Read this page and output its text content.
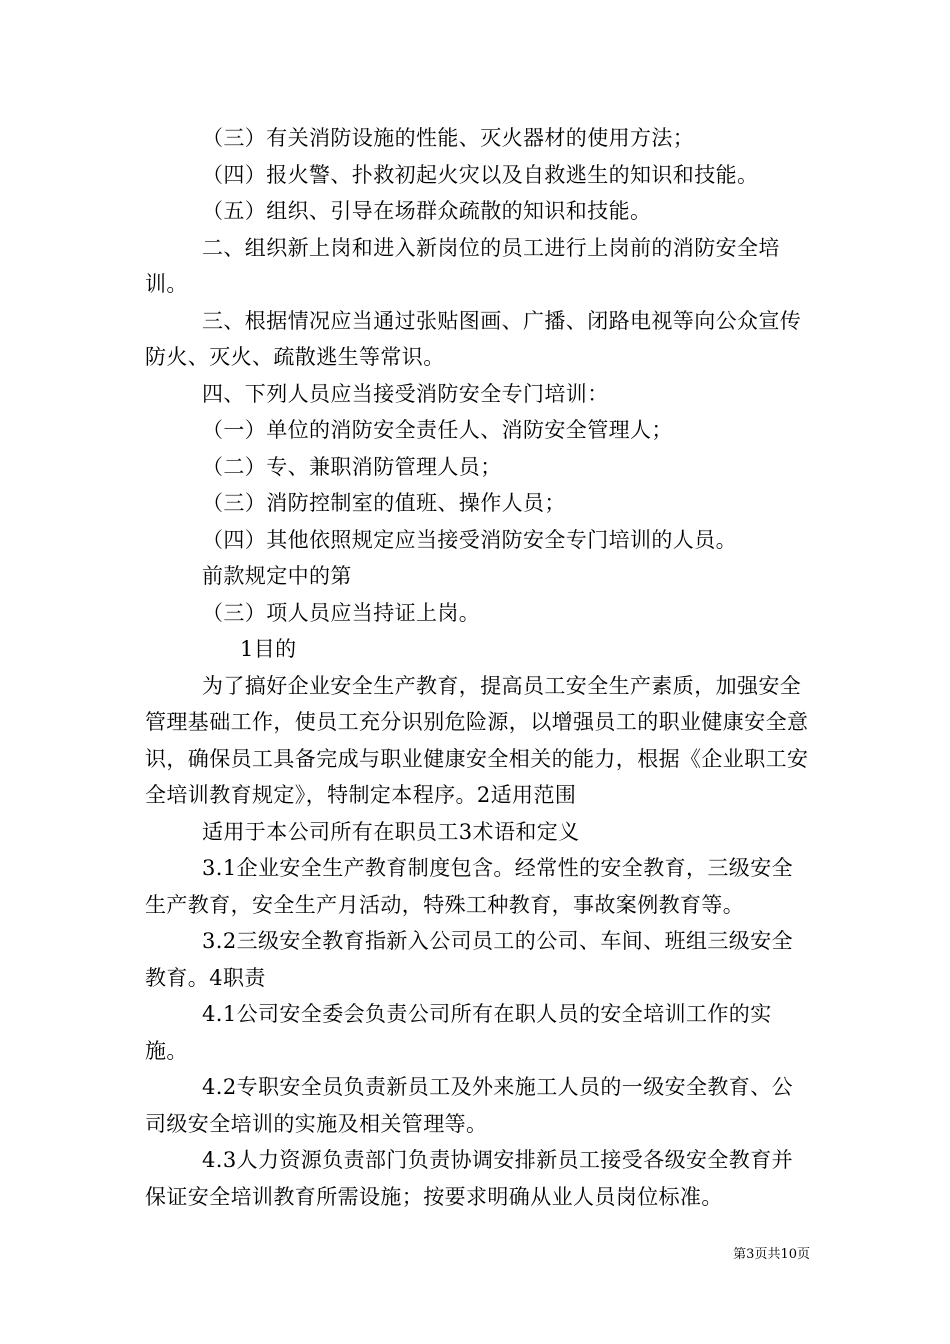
（三）有关消防设施的性能、灭火器材的使用方法；

（四）报火警、扑救初起火灾以及自救逃生的知识和技能。

（五）组织、引导在场群众疏散的知识和技能。

二、组织新上岗和进入新岗位的员工进行上岗前的消防安全培训。

三、根据情况应当通过张贴图画、广播、闭路电视等向公众宣传防火、灭火、疏散逃生等常识。

四、下列人员应当接受消防安全专门培训：

（一）单位的消防安全责任人、消防安全管理人；

（二）专、兼职消防管理人员；

（三）消防控制室的值班、操作人员；

（四）其他依照规定应当接受消防安全专门培训的人员。

前款规定中的第

（三）项人员应当持证上岗。

1目的

为了搞好企业安全生产教育，提高员工安全生产素质，加强安全管理基础工作，使员工充分识别危险源，以增强员工的职业健康安全意识，确保员工具备完成与职业健康安全相关的能力，根据《企业职工安全培训教育规定》，特制定本程序。2适用范围

适用于本公司所有在职员工3术语和定义

3.1企业安全生产教育制度包含。经常性的安全教育，三级安全生产教育，安全生产月活动，特殊工种教育，事故案例教育等。

3.2三级安全教育指新入公司员工的公司、车间、班组三级安全教育。4职责

4.1公司安全委会负责公司所有在职人员的安全培训工作的实施。

4.2专职安全员负责新员工及外来施工人员的一级安全教育、公司级安全培训的实施及相关管理等。

4.3人力资源负责部门负责协调安排新员工接受各级安全教育并保证安全培训教育所需设施；按要求明确从业人员岗位标准。

第3页共10页
